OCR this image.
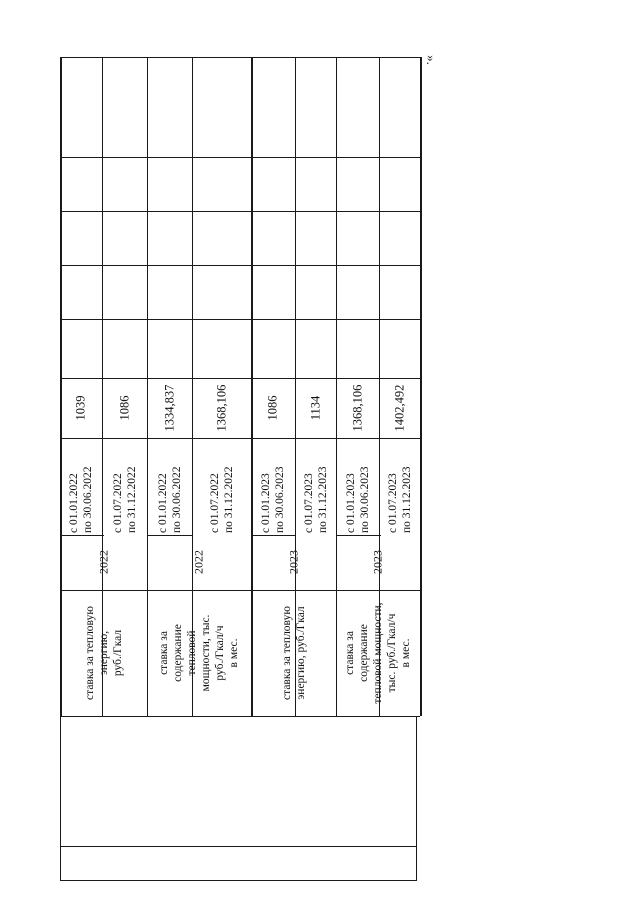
1039
с 01.01.2022
по 30.06.2022
1086
с 01.07.2022
по 31.12.2022
1334,837
с 01.01.2022
по 30.06.2022
1368,106
с 01.07.2022
по 31.12.2022
1086
с 01.01.2023
по 30.06.2023
1134
с 01.07.2023
по 31.12.2023
1368,106
с 01.01.2023
по 30.06.2023
1402,492
с 01.07.2023
по 31.12.2023
2022
ставка за тепловую
энергию,
руб./Гкал
2022
ставка за
содержание
тепловой
мощности, тыс.
руб./Гкал/ч
в мес.
2023
ставка за тепловую
энергию, руб./Гкал
2023
ставка за
содержание
тепловой мощности,
тыс. руб./Гкал/ч
в мес.
».
